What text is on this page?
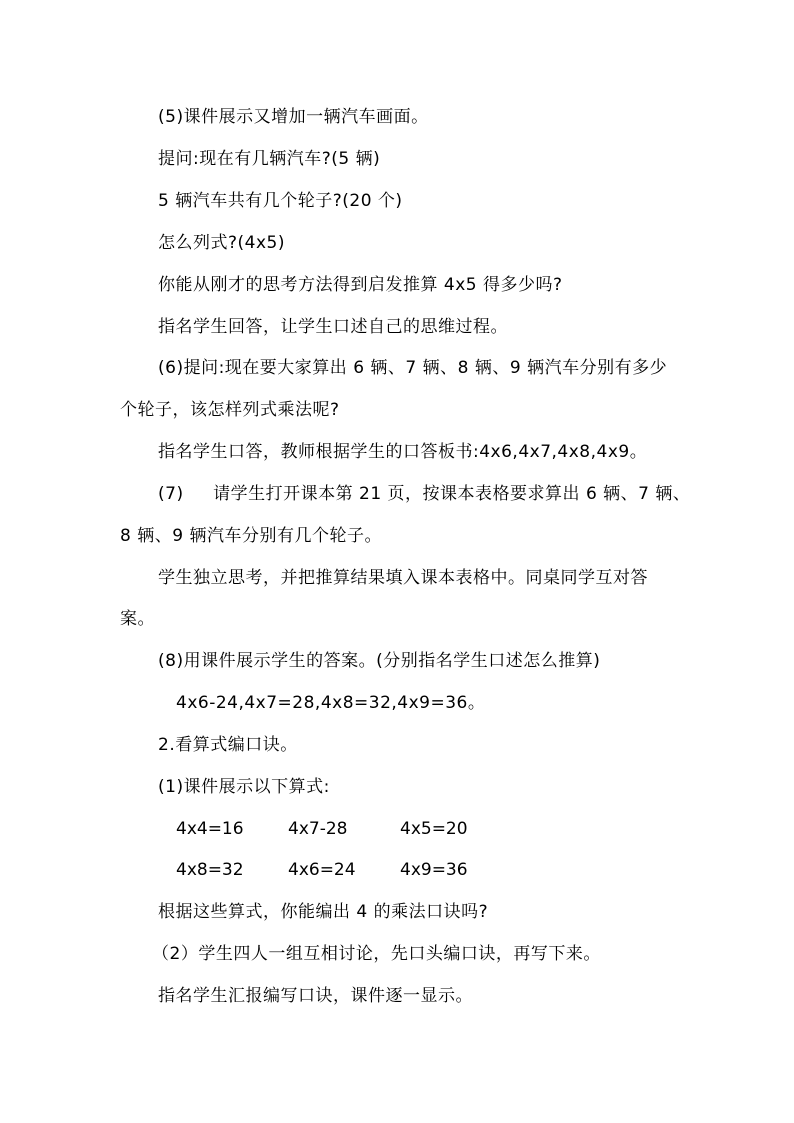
(5)课件展示又增加一辆汽车画面。
提问:现在有几辆汽车?(5 辆)
5 辆汽车共有几个轮子?(20 个)
怎么列式?(4x5)
你能从刚才的思考方法得到启发推算 4x5 得多少吗?
指名学生回答，让学生口述自己的思维过程。
(6)提问:现在要大家算出 6 辆、7 辆、8 辆、9 辆汽车分别有多少
个轮子，该怎样列式乘法呢?
指名学生口答，教师根据学生的口答板书:4x6,4x7,4x8,4x9。
(7)     请学生打开课本第 21 页，按课本表格要求算出 6 辆、7 辆、
8 辆、9 辆汽车分别有几个轮子。
学生独立思考，并把推算结果填入课本表格中。同桌同学互对答
案。
(8)用课件展示学生的答案。(分别指名学生口述怎么推算)
4x6-24,4x7=28,4x8=32,4x9=36。
2.看算式编口诀。
(1)课件展示以下算式:
4x4=16	4x7-28	4x5=20
4x8=32	4x6=24	4x9=36
根据这些算式，你能编出 4 的乘法口诀吗?
（2）学生四人一组互相讨论，先口头编口诀，再写下来。
指名学生汇报编写口诀，课件逐一显示。
